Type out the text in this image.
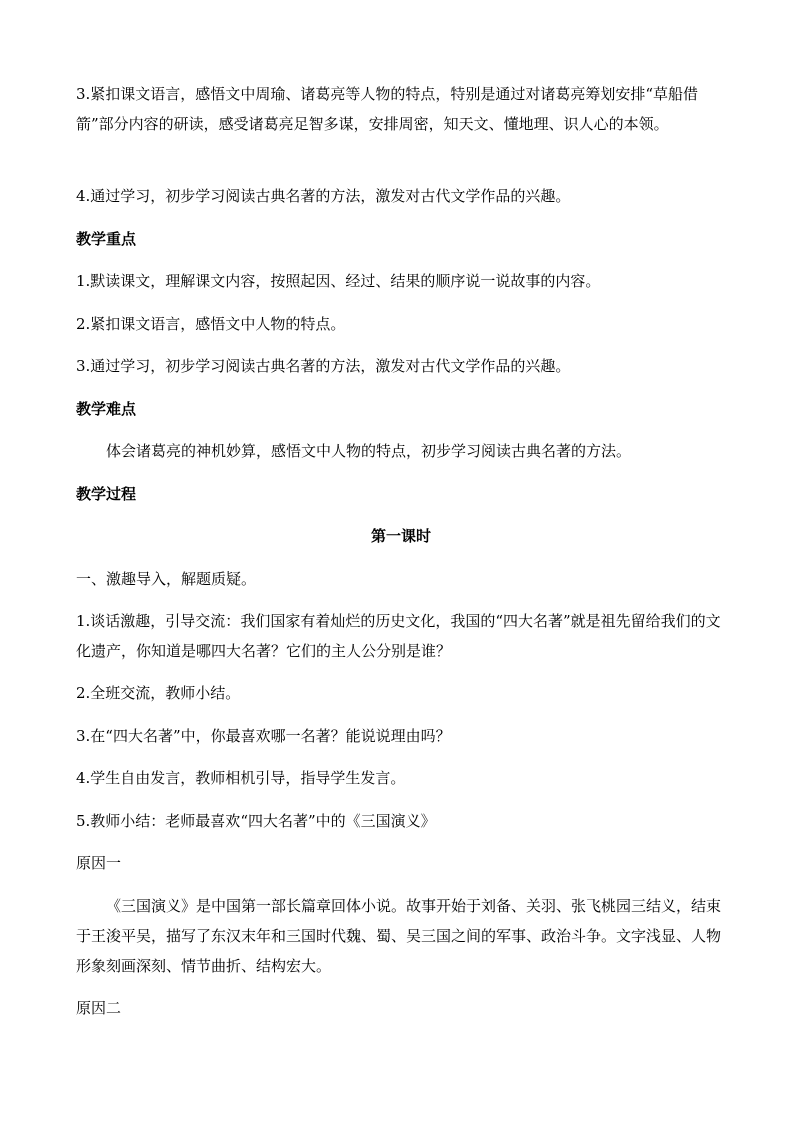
3.紧扣课文语言，感悟文中周瑜、诸葛亮等人物的特点，特别是通过对诸葛亮筹划安排“草船借箭”部分内容的研读，感受诸葛亮足智多谋，安排周密，知天文、懂地理、识人心的本领。

4.通过学习，初步学习阅读古典名著的方法，激发对古代文学作品的兴趣。

教学重点

1.默读课文，理解课文内容，按照起因、经过、结果的顺序说一说故事的内容。

2.紧扣课文语言，感悟文中人物的特点。

3.通过学习，初步学习阅读古典名著的方法，激发对古代文学作品的兴趣。

教学难点

体会诸葛亮的神机妙算，感悟文中人物的特点，初步学习阅读古典名著的方法。

教学过程

第一课时

一、激趣导入，解题质疑。

1.谈话激趣，引导交流：我们国家有着灿烂的历史文化，我国的“四大名著”就是祖先留给我们的文化遗产，你知道是哪四大名著？它们的主人公分别是谁？

2.全班交流，教师小结。

3.在“四大名著”中，你最喜欢哪一名著？能说说理由吗？

4.学生自由发言，教师相机引导，指导学生发言。

5.教师小结：老师最喜欢“四大名著”中的《三国演义》

原因一

《三国演义》是中国第一部长篇章回体小说。故事开始于刘备、关羽、张飞桃园三结义，结束于王浚平吴，描写了东汉末年和三国时代魏、蜀、吴三国之间的军事、政治斗争。文字浅显、人物形象刻画深刻、情节曲折、结构宏大。

原因二
